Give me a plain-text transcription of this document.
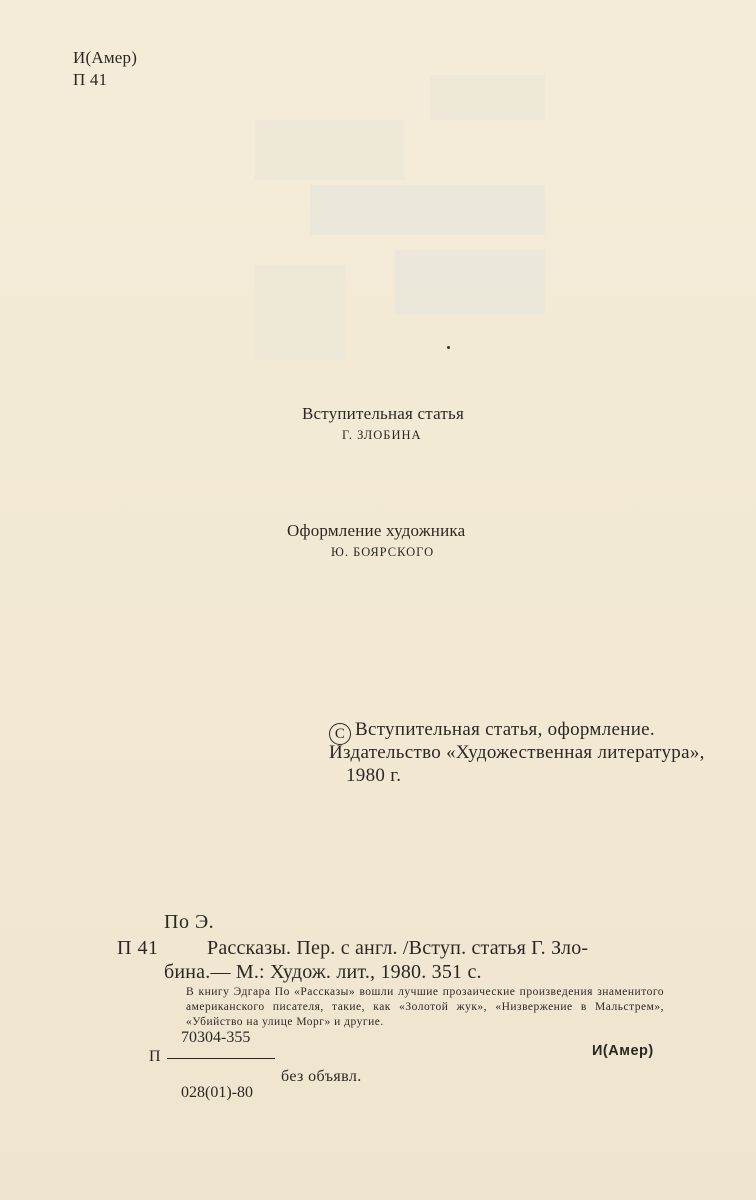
И(Амер)
П 41
Вступительная статья
Г. ЗЛОБИНА
Оформление художника
Ю. БОЯРСКОГО
C Вступительная статья, оформление.
Издательство «Художественная литература»,
1980 г.
По Э.
П 41 Рассказы. Пер. с англ. /Вступ. статья Г. Зло-
бина.— М.: Худож. лит., 1980. 351 с.
В книгу Эдгара По «Рассказы» вошли лучшие прозаические произведения знаменитого американского писателя, такие, как «Золотой жук», «Низвержение в Мальстрем», «Убийство на улице Морг» и другие.
70304-355
П
без объявл.
028(01)-80
И(Амер)
